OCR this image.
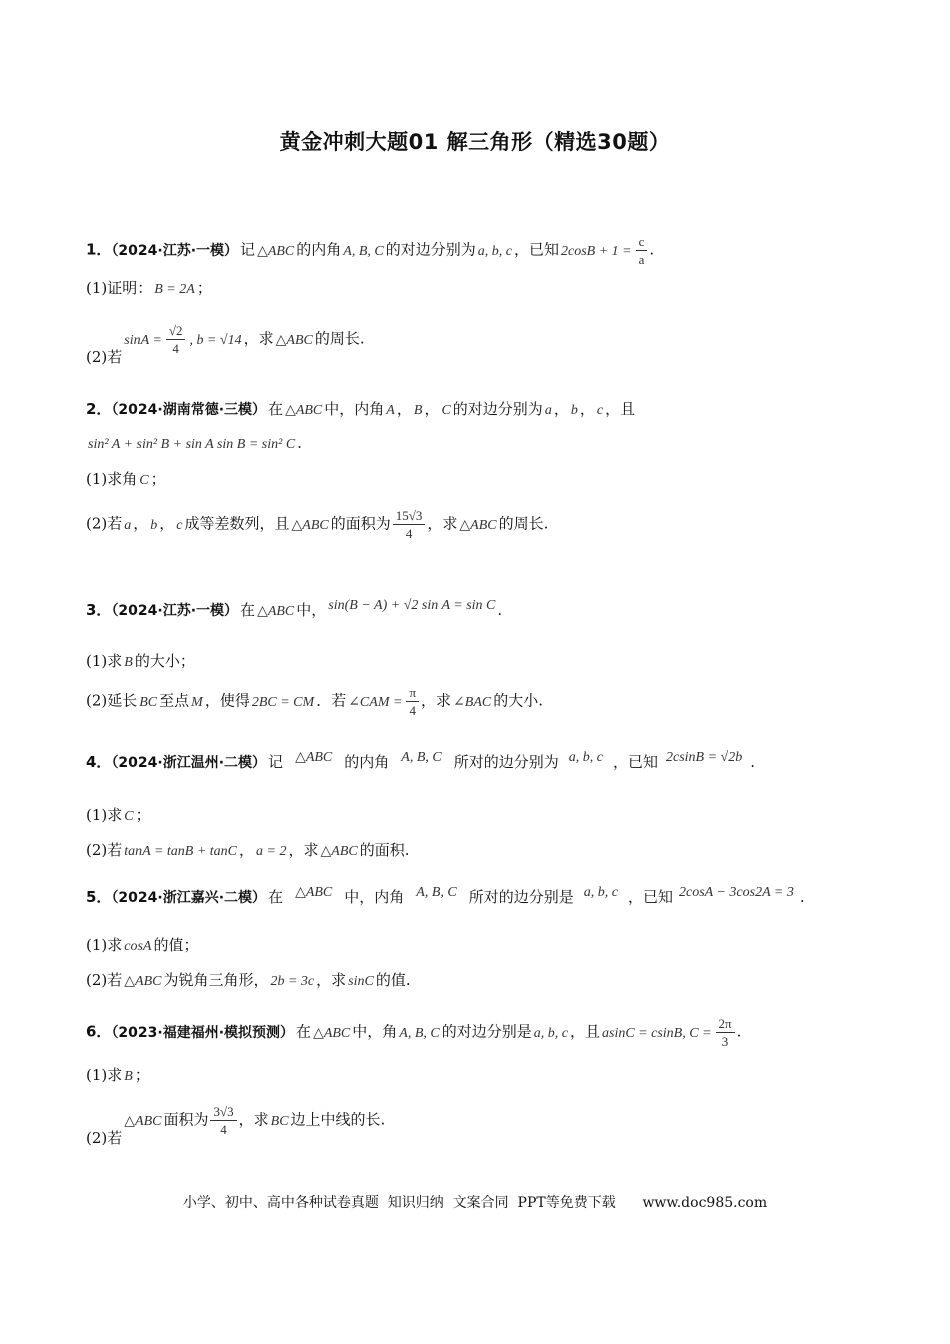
黄金冲刺大题01 解三角形（精选30题）
1．（2024·江苏·一模） 记 △ABC 的内角 A, B, C 的对边分别为 a, b, c ，已知 $2\cos B + 1 = \frac{c}{a}$ .
(1)证明： B = 2A ；
(2)若$\sin A = \frac{√2}{4}$ , b = √14 ，求 △ABC 的周长.
2．（2024·湖南常德·三模） 在 △ABC 中，内角 A ， B ， C 的对边分别为 a ， b ， c ，且
sin² A + sin² B + sin A sin B = sin² C .
(1)求角 C ；
(2)若 a ， b ， c 成等差数列，且 △ABC 的面积为 $\frac{15√3}{4}$ ，求 △ABC 的周长.
3．（2024·江苏·一模） 在 △ABC 中， sin(B − A) + √2 sin A = sin C .
(1)求 B 的大小；
(2)延长 BC 至点 M ，使得 2BC = CM ．若 ∠CAM = $\frac{\pi}{4}$ ，求 ∠BAC 的大小.
4．（2024·浙江温州·二模） 记 △ABC 的内角 A, B, C 所对的边分别为 a, b, c ，已知 2csinB = √2b .
(1)求 C ；
(2)若 tanA = tanB + tanC ， a = 2 ，求 △ABC 的面积.
5．（2024·浙江嘉兴·二模） 在 △ABC 中，内角 A, B, C 所对的边分别是 a, b, c ，已知 2cosA − 3cos2A = 3 .
(1)求 cosA 的值；
(2)若 △ABC 为锐角三角形， 2b = 3c ，求 sinC 的值.
6．（2023·福建福州·模拟预测） 在 △ABC 中，角 A, B, C 的对边分别是 a, b, c ，且 asinC = csinB, $C = \frac{2\pi}{3}$ .
(1)求 B ；
(2)若△ABC 面积为 $\frac{3√3}{4}$ ，求 BC 边上中线的长.
小学、初中、高中各种试卷真题  知识归纳  文案合同  PPT等免费下载      www.doc985.com
